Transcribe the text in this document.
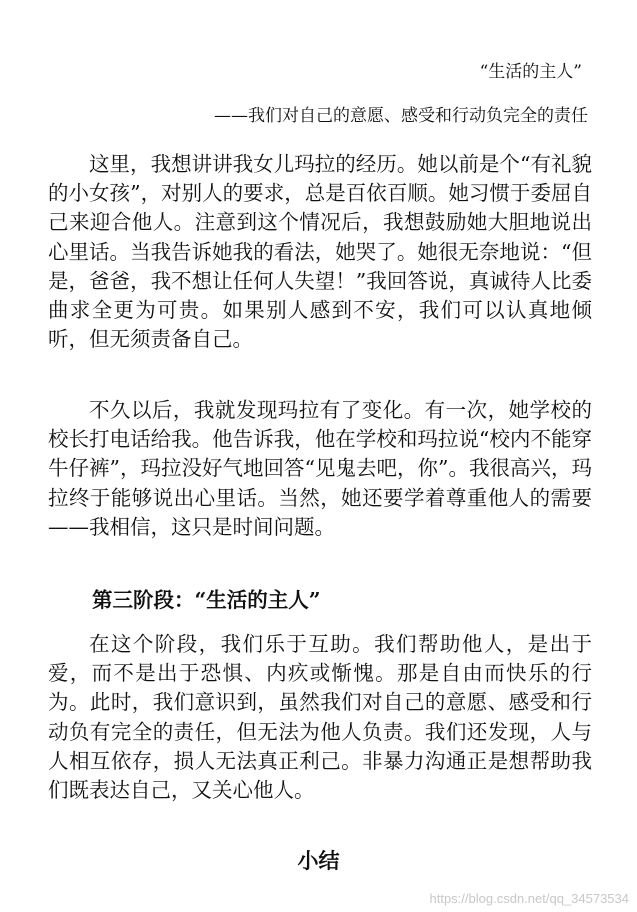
“生活的主人”
——我们对自己的意愿、感受和行动负完全的责任

这里，我想讲讲我女儿玛拉的经历。她以前是个“有礼貌的小女孩”，对别人的要求，总是百依百顺。她习惯于委屈自己来迎合他人。注意到这个情况后，我想鼓励她大胆地说出心里话。当我告诉她我的看法，她哭了。她很无奈地说：“但是，爸爸，我不想让任何人失望！”我回答说，真诚待人比委曲求全更为可贵。如果别人感到不安，我们可以认真地倾听，但无须责备自己。

不久以后，我就发现玛拉有了变化。有一次，她学校的校长打电话给我。他告诉我，他在学校和玛拉说“校内不能穿牛仔裤”，玛拉没好气地回答“见鬼去吧，你”。我很高兴，玛拉终于能够说出心里话。当然，她还要学着尊重他人的需要——我相信，这只是时间问题。

第三阶段：“生活的主人”

在这个阶段，我们乐于互助。我们帮助他人，是出于爱，而不是出于恐惧、内疚或惭愧。那是自由而快乐的行为。此时，我们意识到，虽然我们对自己的意愿、感受和行动负有完全的责任，但无法为他人负责。我们还发现，人与人相互依存，损人无法真正利己。非暴力沟通正是想帮助我们既表达自己，又关心他人。

小结
https://blog.csdn.net/qq_34573534
